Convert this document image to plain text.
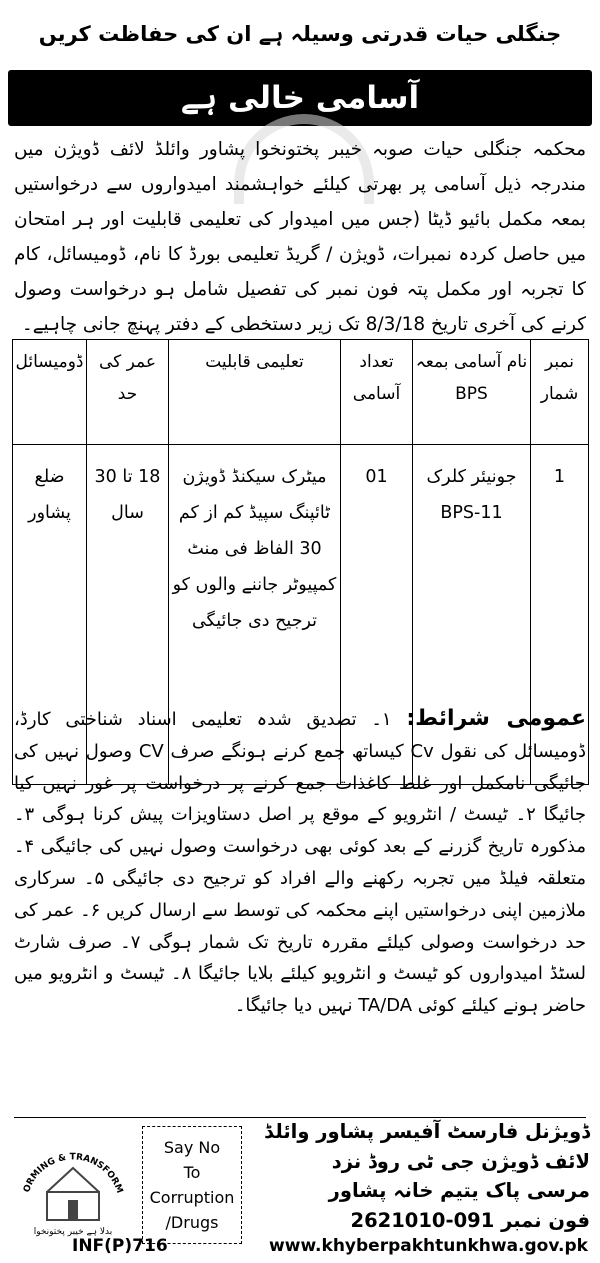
جنگلی حیات قدرتی وسیلہ ہے ان کی حفاظت کریں
آسامی خالی ہے
محکمہ جنگلی حیات صوبہ خیبر پختونخوا پشاور وائلڈ لائف ڈویژن میں مندرجہ ذیل آسامی پر بھرتی کیلئے خواہشمند امیدواروں سے درخواستیں بمعہ مکمل بائیو ڈیٹا (جس میں امیدوار کی تعلیمی قابلیت اور ہر امتحان میں حاصل کردہ نمبرات، ڈویژن / گریڈ تعلیمی بورڈ کا نام، ڈومیسائل، کام کا تجربہ اور مکمل پتہ فون نمبر کی تفصیل شامل ہو درخواست وصول کرنے کی آخری تاریخ 8/3/18 تک زیر دستخطی کے دفتر پہنچ جانی چاہیے۔
نمبر شمار	نام آسامی بمعہ BPS	تعداد آسامی	تعلیمی قابلیت	عمر کی حد	ڈومیسائل
1	جونیئر کلرک BPS-11	01	میٹرک سیکنڈ ڈویژن ٹائپنگ سپیڈ کم از کم 30 الفاظ فی منٹ کمپیوٹر جاننے والوں کو ترجیح دی جائیگی	18 تا 30 سال	ضلع پشاور
عمومی شرائط: ۱۔ تصدیق شدہ تعلیمی اسناد شناختی کارڈ، ڈومیسائل کی نقول Cv کیساتھ جمع کرنے ہونگے صرف CV وصول نہیں کی جائیگی نامکمل اور غلط کاغذات جمع کرنے پر درخواست پر غور نہیں کیا جائیگا ۲۔ ٹیسٹ / انٹرویو کے موقع پر اصل دستاویزات پیش کرنا ہوگی ۳۔ مذکورہ تاریخ گزرنے کے بعد کوئی بھی درخواست وصول نہیں کی جائیگی ۴۔ متعلقہ فیلڈ میں تجربہ رکھنے والے افراد کو ترجیح دی جائیگی ۵۔ سرکاری ملازمین اپنی درخواستیں اپنے محکمہ کی توسط سے ارسال کریں ۶۔ عمر کی حد درخواست وصولی کیلئے مقررہ تاریخ تک شمار ہوگی ۷۔ صرف شارٹ لسٹڈ امیدواروں کو ٹیسٹ و انٹرویو کیلئے بلایا جائیگا ۸۔ ٹیسٹ و انٹرویو میں حاضر ہونے کیلئے کوئی TA/DA نہیں دیا جائیگا۔
ORMING & TRANSFORM
بدلا ہے خیبر پختونخوا
Say No
To
Corruption
/Drugs
ڈویژنل فارسٹ آفیسر پشاور وائلڈ
لائف ڈویژن جی ٹی روڈ نزد
مرسی پاک یتیم خانہ پشاور
فون نمبر 091-2621010
INF(P)716	www.khyberpakhtunkhwa.gov.pk
